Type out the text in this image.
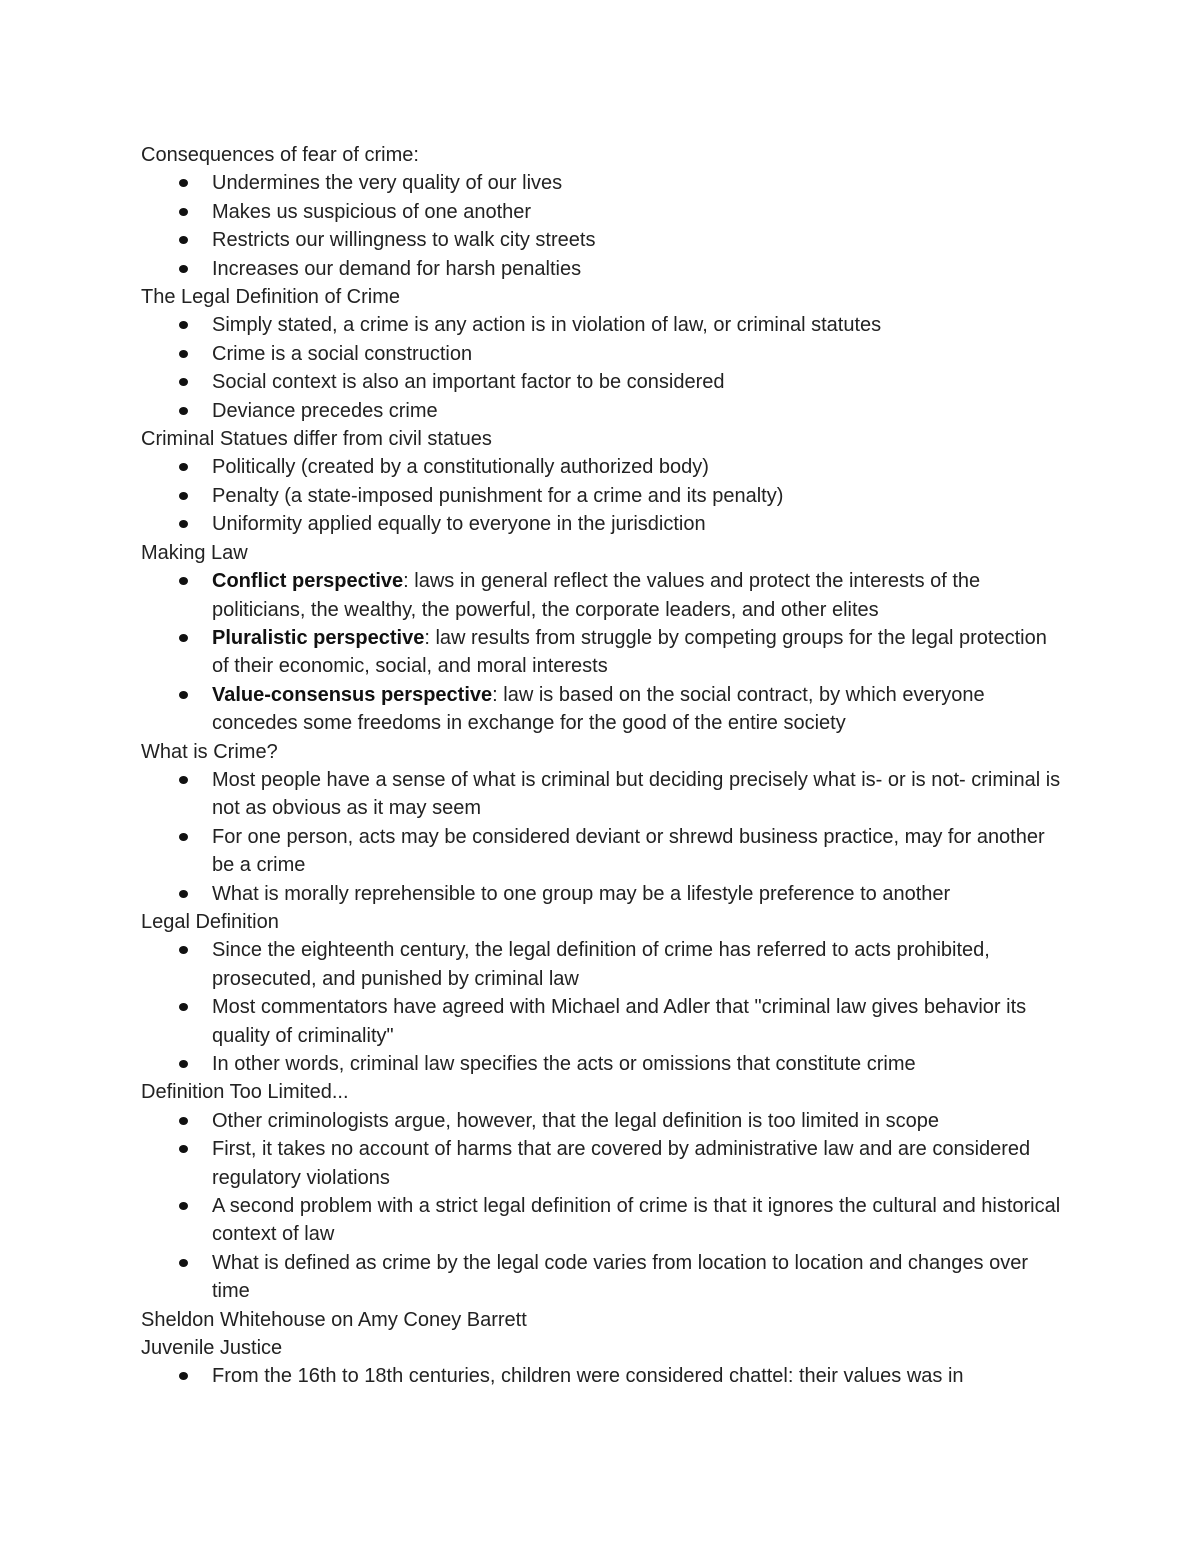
Consequences of fear of crime:

Undermines the very quality of our lives
Makes us suspicious of one another
Restricts our willingness to walk city streets
Increases our demand for harsh penalties

The Legal Definition of Crime

Simply stated, a crime is any action is in violation of law, or criminal statutes
Crime is a social construction
Social context is also an important factor to be considered
Deviance precedes crime

Criminal Statues differ from civil statues

Politically (created by a constitutionally authorized body)
Penalty (a state-imposed punishment for a crime and its penalty)
Uniformity applied equally to everyone in the jurisdiction

Making Law

Conflict perspective: laws in general reflect the values and protect the interests of the politicians, the wealthy, the powerful, the corporate leaders, and other elites
Pluralistic perspective: law results from struggle by competing groups for the legal protection of their economic, social, and moral interests
Value-consensus perspective: law is based on the social contract, by which everyone concedes some freedoms in exchange for the good of the entire society

What is Crime?

Most people have a sense of what is criminal but deciding precisely what is- or is not- criminal is not as obvious as it may seem
For one person, acts may be considered deviant or shrewd business practice, may for another be a crime
What is morally reprehensible to one group may be a lifestyle preference to another

Legal Definition

Since the eighteenth century, the legal definition of crime has referred to acts prohibited, prosecuted, and punished by criminal law
Most commentators have agreed with Michael and Adler that "criminal law gives behavior its quality of criminality"
In other words, criminal law specifies the acts or omissions that constitute crime

Definition Too Limited...

Other criminologists argue, however, that the legal definition is too limited in scope
First, it takes no account of harms that are covered by administrative law and are considered regulatory violations
A second problem with a strict legal definition of crime is that it ignores the cultural and historical context of law
What is defined as crime by the legal code varies from location to location and changes over time

Sheldon Whitehouse on Amy Coney Barrett

Juvenile Justice

From the 16th to 18th centuries, children were considered chattel: their values was in
